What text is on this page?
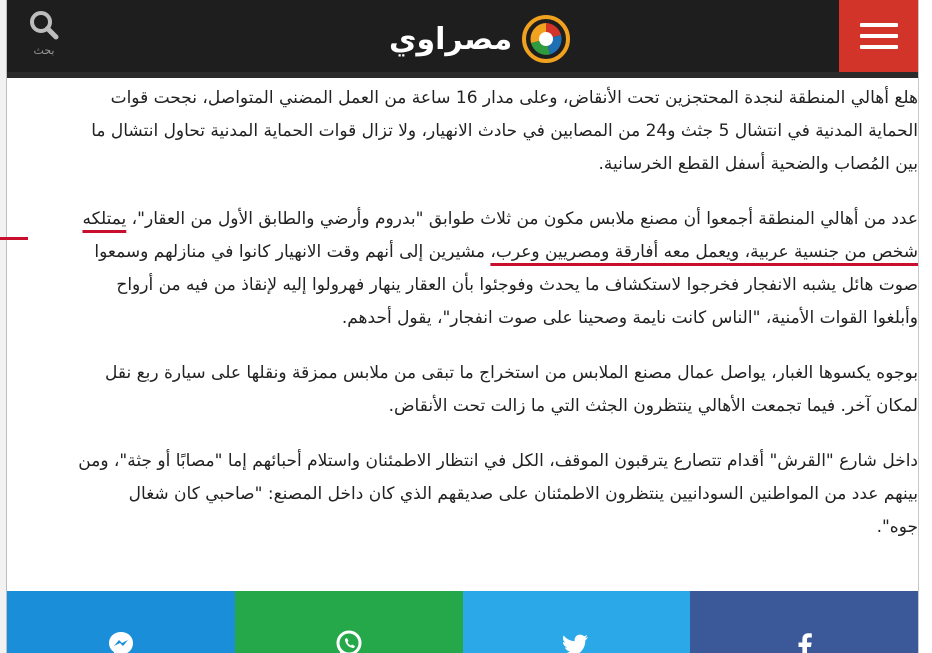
بحث	مصراوي

هلع أهالي المنطقة لنجدة المحتجزين تحت الأنقاض، وعلى مدار 16 ساعة من العمل المضني المتواصل، نجحت قوات

الحماية المدنية في انتشال 5 جثث و24 من المصابين في حادث الانهيار، ولا تزال قوات الحماية المدنية تحاول انتشال ما

بين المُصاب والضحية أسفل القطع الخرسانية.

عدد من أهالي المنطقة أجمعوا أن مصنع ملابس مكون من ثلاث طوابق "بدروم وأرضي والطابق الأول من العقار"، يمتلكه

شخص من جنسية عربية، ويعمل معه أفارقة ومصريين وعرب، مشيرين إلى أنهم وقت الانهيار كانوا في منازلهم وسمعوا

صوت هائل يشبه الانفجار فخرجوا لاستكشاف ما يحدث وفوجئوا بأن العقار ينهار فهرولوا إليه لإنقاذ من فيه من أرواح

وأبلغوا القوات الأمنية، "الناس كانت نايمة وصحينا على صوت انفجار"، يقول أحدهم.

بوجوه يكسوها الغبار، يواصل عمال مصنع الملابس من استخراج ما تبقى من ملابس ممزقة ونقلها على سيارة ربع نقل

لمكان آخر. فيما تجمعت الأهالي ينتظرون الجثث التي ما زالت تحت الأنقاض.

داخل شارع "القرش" أقدام تتصارع يترقبون الموقف، الكل في انتظار الاطمئنان واستلام أحبائهم إما "مصابًا أو جثة"، ومن

بينهم عدد من المواطنين السودانيين ينتظرون الاطمئنان على صديقهم الذي كان داخل المصنع: "صاحبي كان شغال

جوه".
